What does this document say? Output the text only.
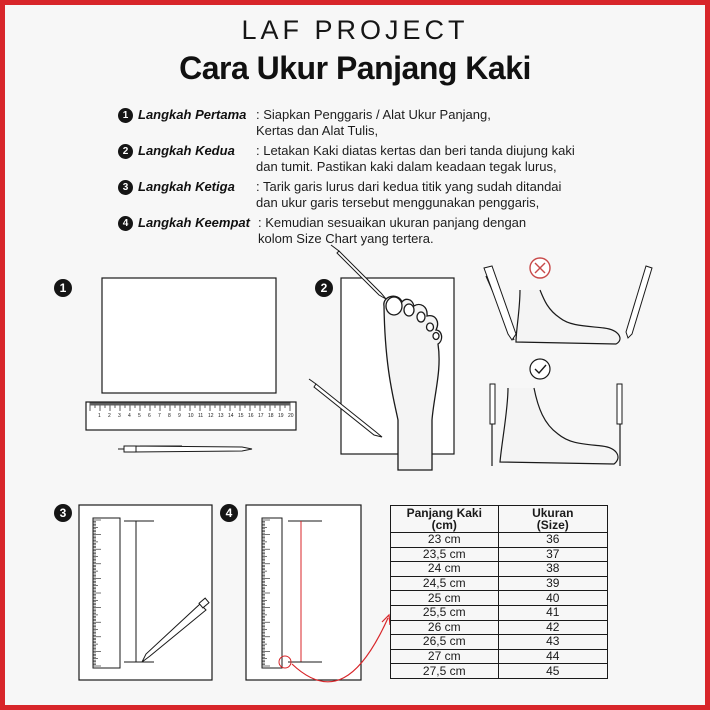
LAF PROJECT
Cara Ukur Panjang Kaki
1 Langkah Pertama : Siapkan Penggaris / Alat Ukur Panjang,
Kertas dan Alat Tulis,
2 Langkah Kedua : Letakan Kaki diatas kertas dan beri tanda diujung kaki
dan tumit. Pastikan kaki dalam keadaan tegak lurus,
3 Langkah Ketiga : Tarik garis lurus dari kedua titik yang sudah ditandai
dan ukur garis tersebut menggunakan penggaris,
4 Langkah Keempat : Kemudian sesuaikan ukuran panjang dengan
kolom Size Chart yang tertera.
1	2
3	4
1 2 3 4 5 6 7 8 9 10 11 12 13 14 15 16 17 18 19 20
Panjang Kaki
(cm)	Ukuran
(Size)
23 cm	36
23,5 cm	37
24 cm	38
24,5 cm	39
25 cm	40
25,5 cm	41
26 cm	42
26,5 cm	43
27 cm	44
27,5 cm	45
